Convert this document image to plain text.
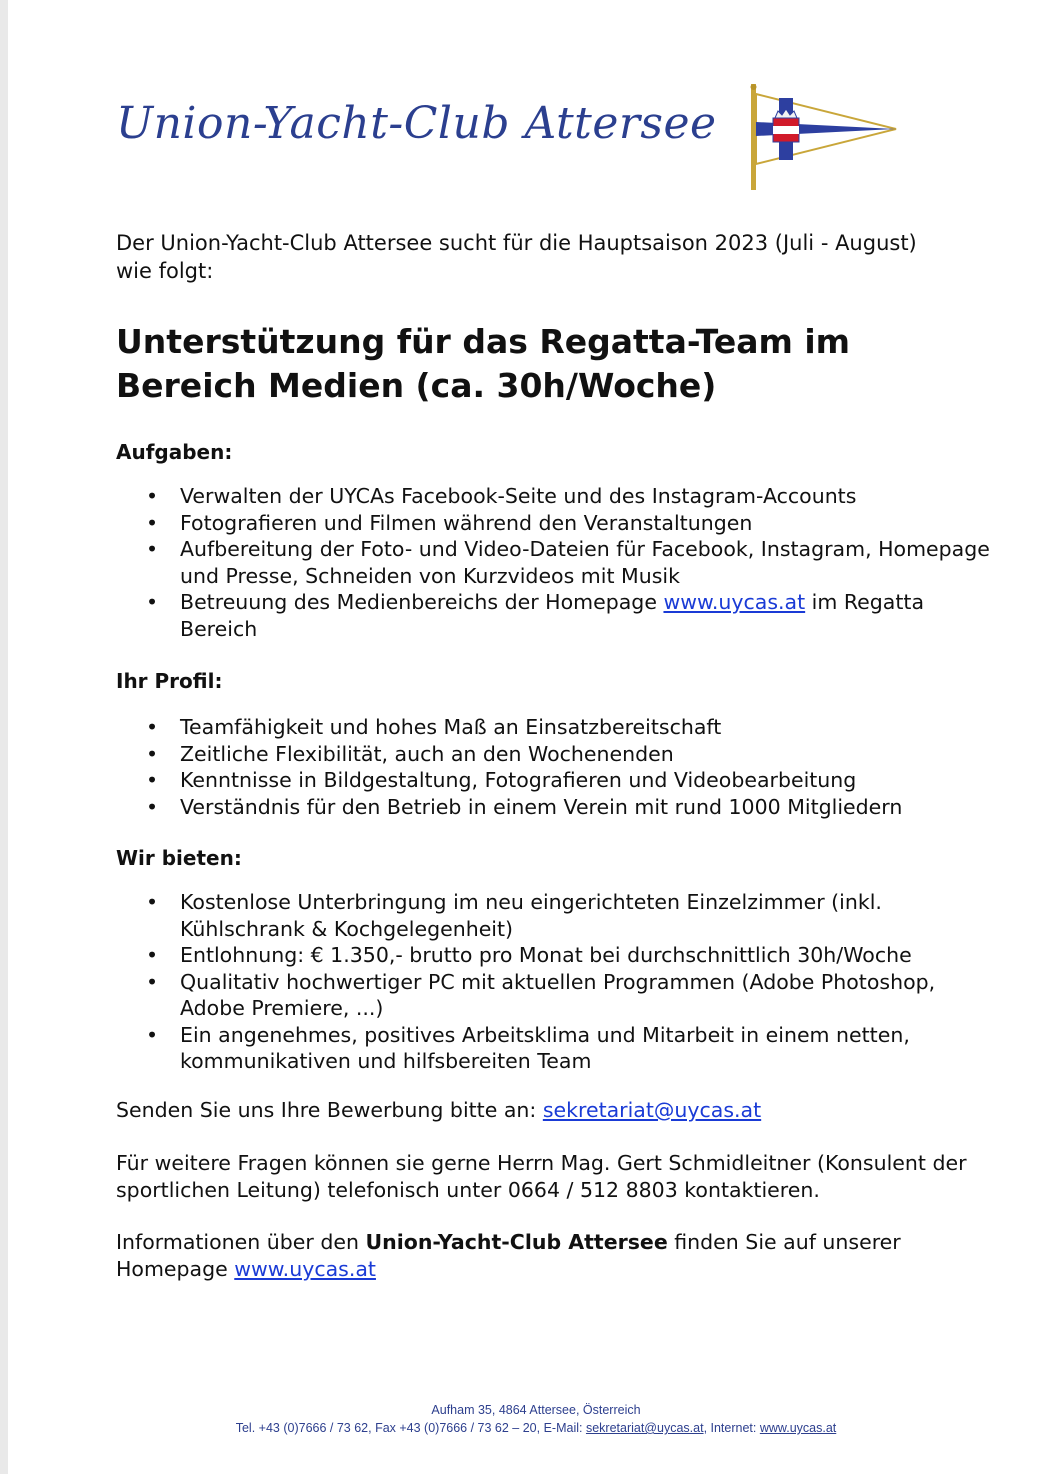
Union-Yacht-Club Attersee
Der Union-Yacht-Club Attersee sucht für die Hauptsaison 2023 (Juli - August) wie folgt:
Unterstützung für das Regatta-Team im Bereich Medien (ca. 30h/Woche)
Aufgaben:
• Verwalten der UYCAs Facebook-Seite und des Instagram-Accounts
• Fotografieren und Filmen während den Veranstaltungen
• Aufbereitung der Foto- und Video-Dateien für Facebook, Instagram, Homepage und Presse, Schneiden von Kurzvideos mit Musik
• Betreuung des Medienbereichs der Homepage www.uycas.at im Regatta Bereich
Ihr Profil:
• Teamfähigkeit und hohes Maß an Einsatzbereitschaft
• Zeitliche Flexibilität, auch an den Wochenenden
• Kenntnisse in Bildgestaltung, Fotografieren und Videobearbeitung
• Verständnis für den Betrieb in einem Verein mit rund 1000 Mitgliedern
Wir bieten:
• Kostenlose Unterbringung im neu eingerichteten Einzelzimmer (inkl. Kühlschrank & Kochgelegenheit)
• Entlohnung: € 1.350,- brutto pro Monat bei durchschnittlich 30h/Woche
• Qualitativ hochwertiger PC mit aktuellen Programmen (Adobe Photoshop, Adobe Premiere, ...)
• Ein angenehmes, positives Arbeitsklima und Mitarbeit in einem netten, kommunikativen und hilfsbereiten Team
Senden Sie uns Ihre Bewerbung bitte an: sekretariat@uycas.at
Für weitere Fragen können sie gerne Herrn Mag. Gert Schmidleitner (Konsulent der sportlichen Leitung) telefonisch unter 0664 / 512 8803 kontaktieren.
Informationen über den Union-Yacht-Club Attersee finden Sie auf unserer Homepage www.uycas.at
Aufham 35, 4864 Attersee, Österreich
Tel. +43 (0)7666 / 73 62, Fax +43 (0)7666 / 73 62 – 20, E-Mail: sekretariat@uycas.at, Internet: www.uycas.at
